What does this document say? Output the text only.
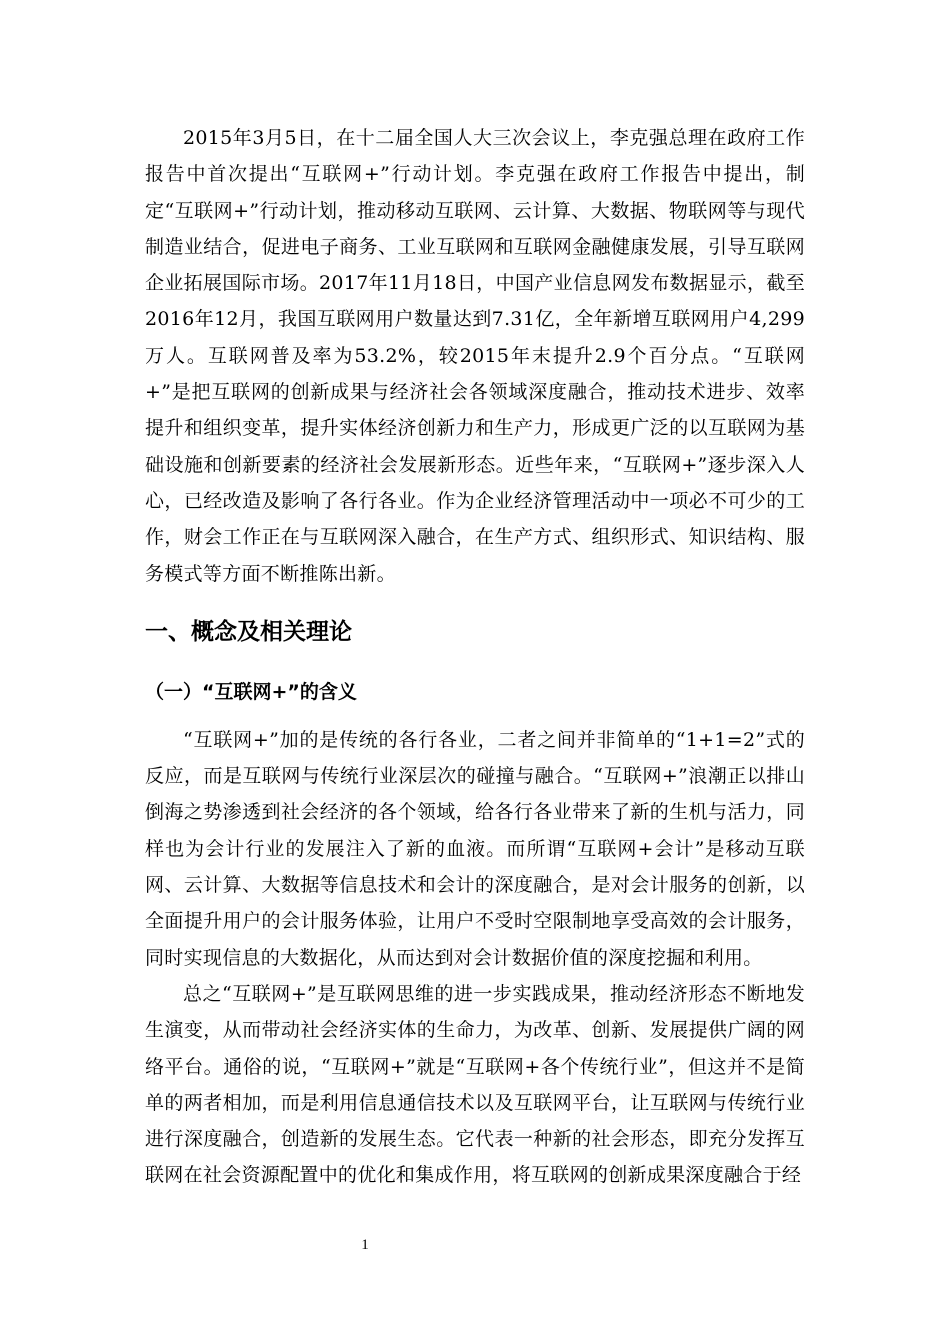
2015年3月5日，在十二届全国人大三次会议上，李克强总理在政府工作报告中首次提出“互联网+”行动计划。李克强在政府工作报告中提出，制定“互联网+”行动计划，推动移动互联网、云计算、大数据、物联网等与现代制造业结合，促进电子商务、工业互联网和互联网金融健康发展，引导互联网企业拓展国际市场。2017年11月18日，中国产业信息网发布数据显示，截至2016年12月，我国互联网用户数量达到7.31亿，全年新增互联网用户4,299万人。互联网普及率为53.2%，较2015年末提升2.9个百分点。“互联网+”是把互联网的创新成果与经济社会各领域深度融合，推动技术进步、效率提升和组织变革，提升实体经济创新力和生产力，形成更广泛的以互联网为基础设施和创新要素的经济社会发展新形态。近些年来，“互联网+”逐步深入人心，已经改造及影响了各行各业。作为企业经济管理活动中一项必不可少的工作，财会工作正在与互联网深入融合，在生产方式、组织形式、知识结构、服务模式等方面不断推陈出新。

一、概念及相关理论
（一）“互联网+”的含义

“互联网+”加的是传统的各行各业，二者之间并非简单的“1+1=2”式的反应，而是互联网与传统行业深层次的碰撞与融合。“互联网+”浪潮正以排山倒海之势渗透到社会经济的各个领域，给各行各业带来了新的生机与活力，同样也为会计行业的发展注入了新的血液。而所谓“互联网+会计”是移动互联网、云计算、大数据等信息技术和会计的深度融合，是对会计服务的创新，以全面提升用户的会计服务体验，让用户不受时空限制地享受高效的会计服务，同时实现信息的大数据化，从而达到对会计数据价值的深度挖掘和利用。

总之“互联网+”是互联网思维的进一步实践成果，推动经济形态不断地发生演变，从而带动社会经济实体的生命力，为改革、创新、发展提供广阔的网络平台。通俗的说，“互联网+”就是“互联网+各个传统行业”，但这并不是简单的两者相加，而是利用信息通信技术以及互联网平台，让互联网与传统行业进行深度融合，创造新的发展生态。它代表一种新的社会形态，即充分发挥互联网在社会资源配置中的优化和集成作用，将互联网的创新成果深度融合于经

1
